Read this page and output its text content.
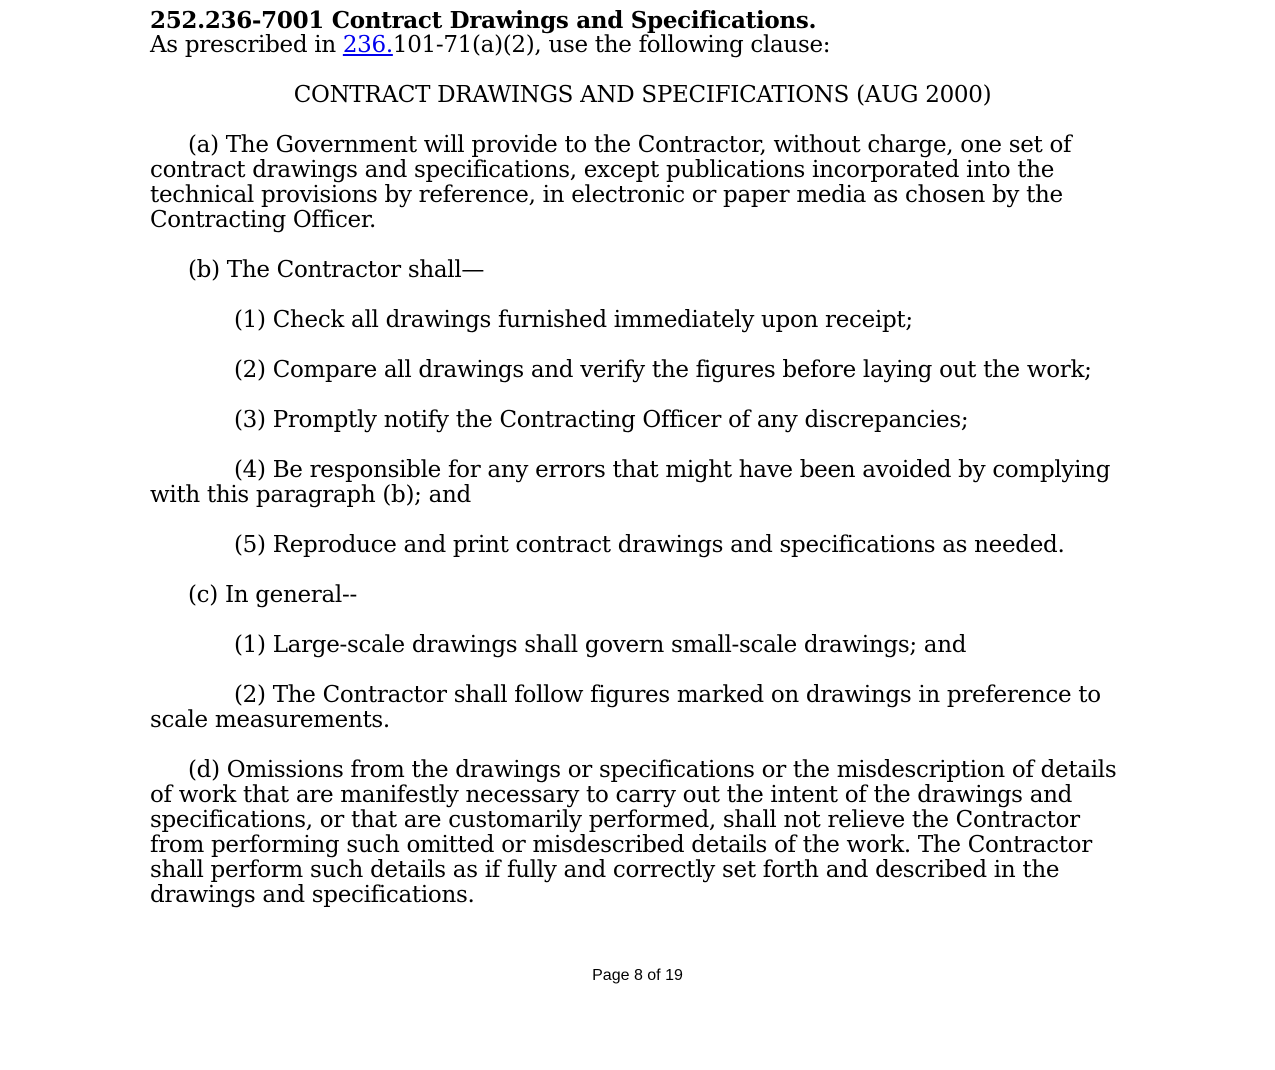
252.236-7001 Contract Drawings and Specifications.

As prescribed in 236.101-71(a)(2), use the following clause:

CONTRACT DRAWINGS AND SPECIFICATIONS (AUG 2000)

(a) The Government will provide to the Contractor, without charge, one set of contract drawings and specifications, except publications incorporated into the technical provisions by reference, in electronic or paper media as chosen by the Contracting Officer.

(b) The Contractor shall—

(1) Check all drawings furnished immediately upon receipt;

(2) Compare all drawings and verify the figures before laying out the work;

(3) Promptly notify the Contracting Officer of any discrepancies;

(4) Be responsible for any errors that might have been avoided by complying with this paragraph (b); and

(5) Reproduce and print contract drawings and specifications as needed.

(c) In general--

(1) Large-scale drawings shall govern small-scale drawings; and

(2) The Contractor shall follow figures marked on drawings in preference to scale measurements.

(d) Omissions from the drawings or specifications or the misdescription of details of work that are manifestly necessary to carry out the intent of the drawings and specifications, or that are customarily performed, shall not relieve the Contractor from performing such omitted or misdescribed details of the work. The Contractor shall perform such details as if fully and correctly set forth and described in the drawings and specifications.

Page 8 of 19
